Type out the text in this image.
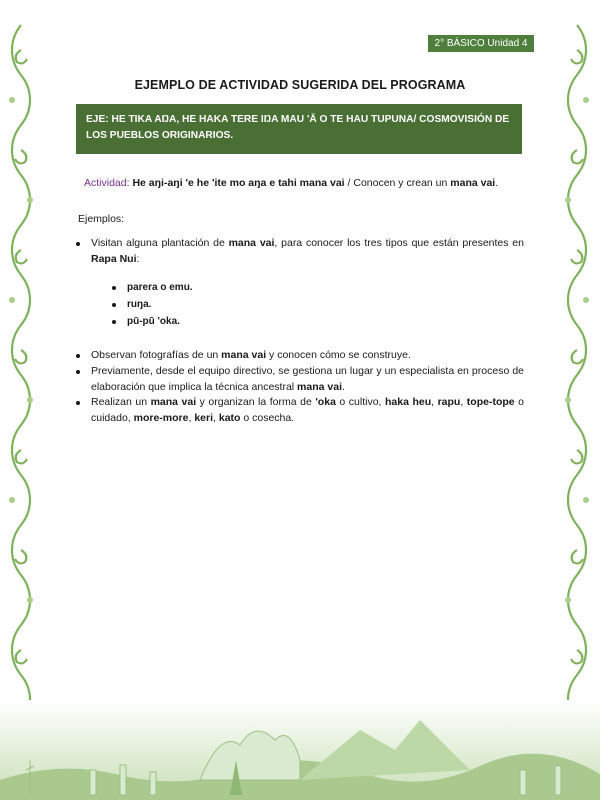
2° BÁSICO Unidad 4
EJEMPLO DE ACTIVIDAD SUGERIDA DEL PROGRAMA
EJE: HE TIKA AŊA, HE HAKA TERE IŊA MAU 'Ā O TE HAU TUPUNA/ COSMOVISIÓN DE LOS PUEBLOS ORIGINARIOS.
Actividad: He aŋi-aŋi 'e he 'ite mo aŋa e tahi mana vai / Conocen y crean un mana vai.
Ejemplos:
Visitan alguna plantación de mana vai, para conocer los tres tipos que están presentes en Rapa Nui:
parera o emu.
ruŋa.
pū-pū 'oka.
Observan fotografías de un mana vai y conocen cómo se construye.
Previamente, desde el equipo directivo, se gestiona un lugar y un especialista en proceso de elaboración que implica la técnica ancestral mana vai.
Realizan un mana vai y organizan la forma de 'oka o cultivo, haka heu, rapu, tope-tope o cuidado, more-more, keri, kato o cosecha.
